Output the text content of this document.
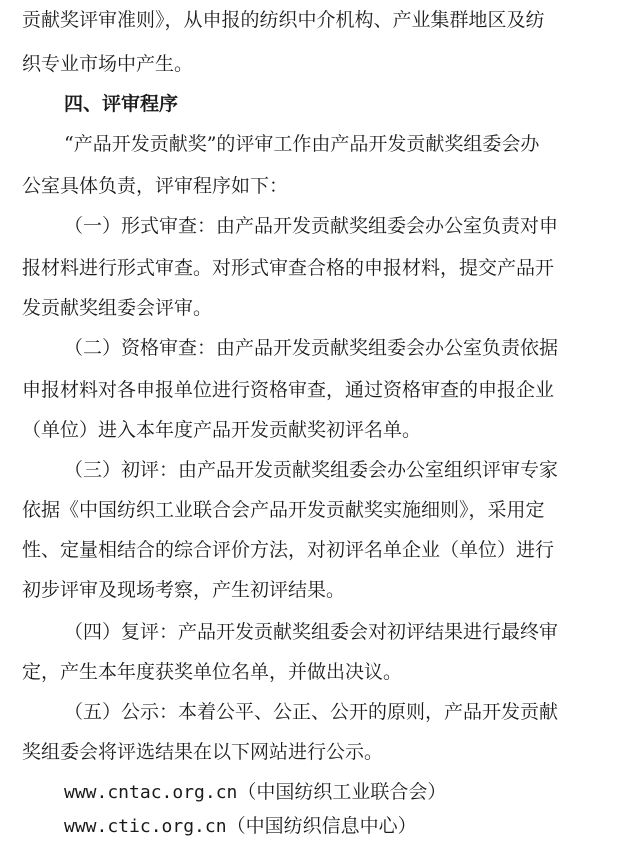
贡献奖评审准则》，从申报的纺织中介机构、产业集群地区及纺
织专业市场中产生。
四、评审程序
“产品开发贡献奖”的评审工作由产品开发贡献奖组委会办
公室具体负责，评审程序如下：
（一）形式审查：由产品开发贡献奖组委会办公室负责对申
报材料进行形式审查。对形式审查合格的申报材料，提交产品开
发贡献奖组委会评审。
（二）资格审查：由产品开发贡献奖组委会办公室负责依据
申报材料对各申报单位进行资格审查，通过资格审查的申报企业
（单位）进入本年度产品开发贡献奖初评名单。
（三）初评：由产品开发贡献奖组委会办公室组织评审专家
依据《中国纺织工业联合会产品开发贡献奖实施细则》，采用定
性、定量相结合的综合评价方法，对初评名单企业（单位）进行
初步评审及现场考察，产生初评结果。
（四）复评：产品开发贡献奖组委会对初评结果进行最终审
定，产生本年度获奖单位名单，并做出决议。
（五）公示：本着公平、公正、公开的原则，产品开发贡献
奖组委会将评选结果在以下网站进行公示。
www.cntac.org.cn（中国纺织工业联合会）
www.ctic.org.cn（中国纺织信息中心）
